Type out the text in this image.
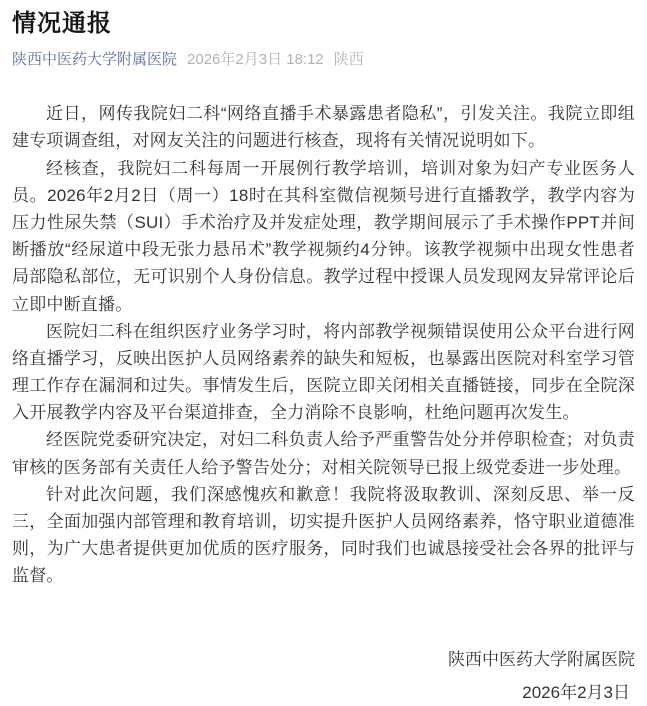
情况通报
陕西中医药大学附属医院 2026年2月3日 18:12 陕西

近日，网传我院妇二科“网络直播手术暴露患者隐私”，引发关注。我院立即组建专项调查组，对网友关注的问题进行核查，现将有关情况说明如下。

经核查，我院妇二科每周一开展例行教学培训，培训对象为妇产专业医务人员。2026年2月2日（周一）18时在其科室微信视频号进行直播教学，教学内容为压力性尿失禁（SUI）手术治疗及并发症处理，教学期间展示了手术操作PPT并间断播放“经尿道中段无张力悬吊术”教学视频约4分钟。该教学视频中出现女性患者局部隐私部位，无可识别个人身份信息。教学过程中授课人员发现网友异常评论后立即中断直播。

医院妇二科在组织医疗业务学习时，将内部教学视频错误使用公众平台进行网络直播学习，反映出医护人员网络素养的缺失和短板，也暴露出医院对科室学习管理工作存在漏洞和过失。事情发生后，医院立即关闭相关直播链接，同步在全院深入开展教学内容及平台渠道排查，全力消除不良影响，杜绝问题再次发生。

经医院党委研究决定，对妇二科负责人给予严重警告处分并停职检查；对负责审核的医务部有关责任人给予警告处分；对相关院领导已报上级党委进一步处理。

针对此次问题，我们深感愧疚和歉意！我院将汲取教训、深刻反思、举一反三，全面加强内部管理和教育培训，切实提升医护人员网络素养，恪守职业道德准则，为广大患者提供更加优质的医疗服务，同时我们也诚恳接受社会各界的批评与监督。

陕西中医药大学附属医院

2026年2月3日
